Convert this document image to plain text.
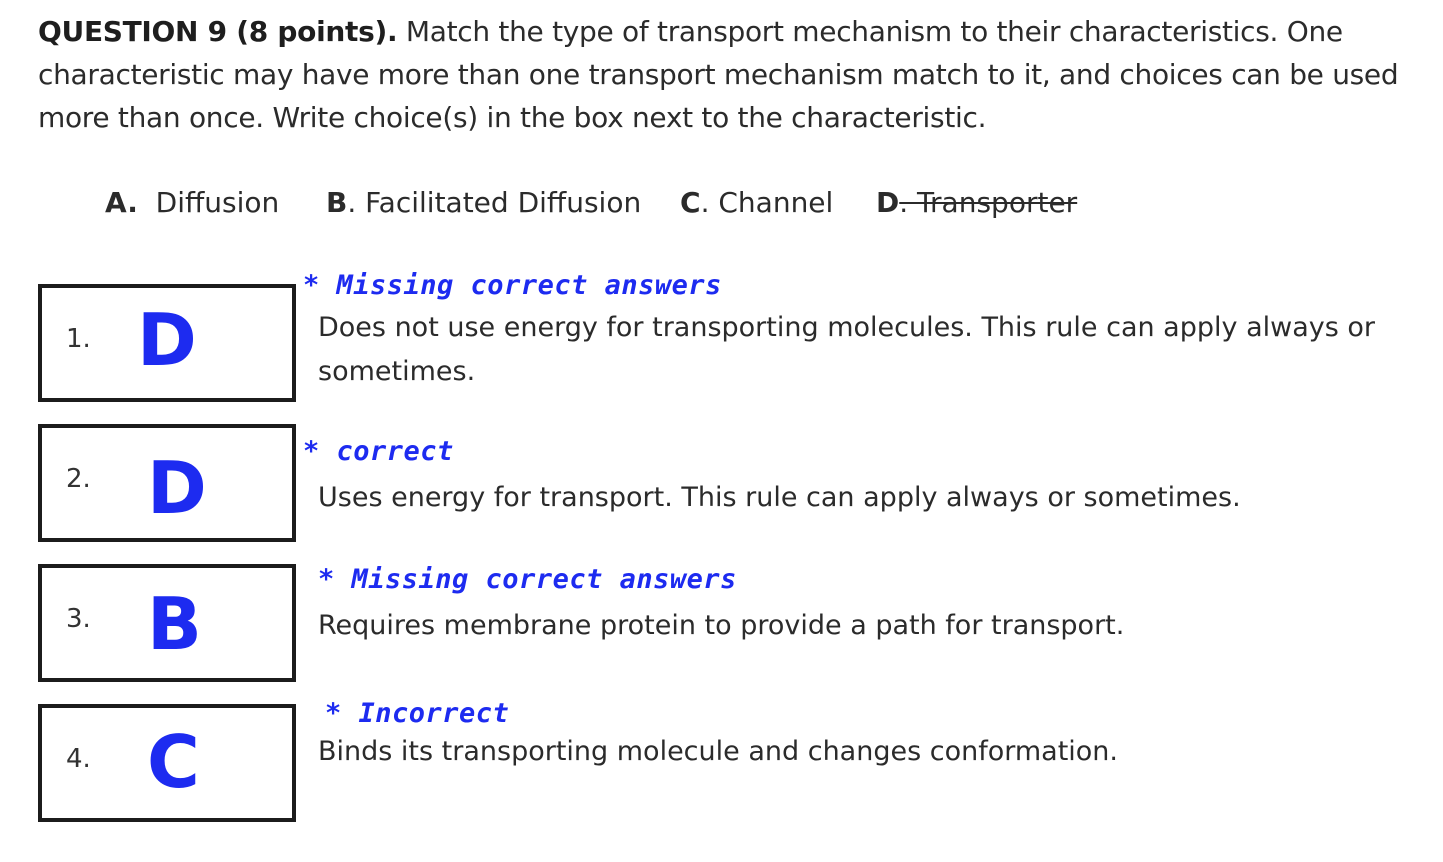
QUESTION 9 (8 points). Match the type of transport mechanism to their characteristics. One characteristic may have more than one transport mechanism match to it, and choices can be used more than once. Write choice(s) in the box next to the characteristic.
A. Diffusion B. Facilitated Diffusion C. Channel D. Transporter
1. D
* Missing correct answers
Does not use energy for transporting molecules. This rule can apply always or sometimes.
2. D	* correct
Uses energy for transport. This rule can apply always or sometimes.
3. B
* Missing correct answers
Requires membrane protein to provide a path for transport.
4. C
* Incorrect
Binds its transporting molecule and changes conformation.
